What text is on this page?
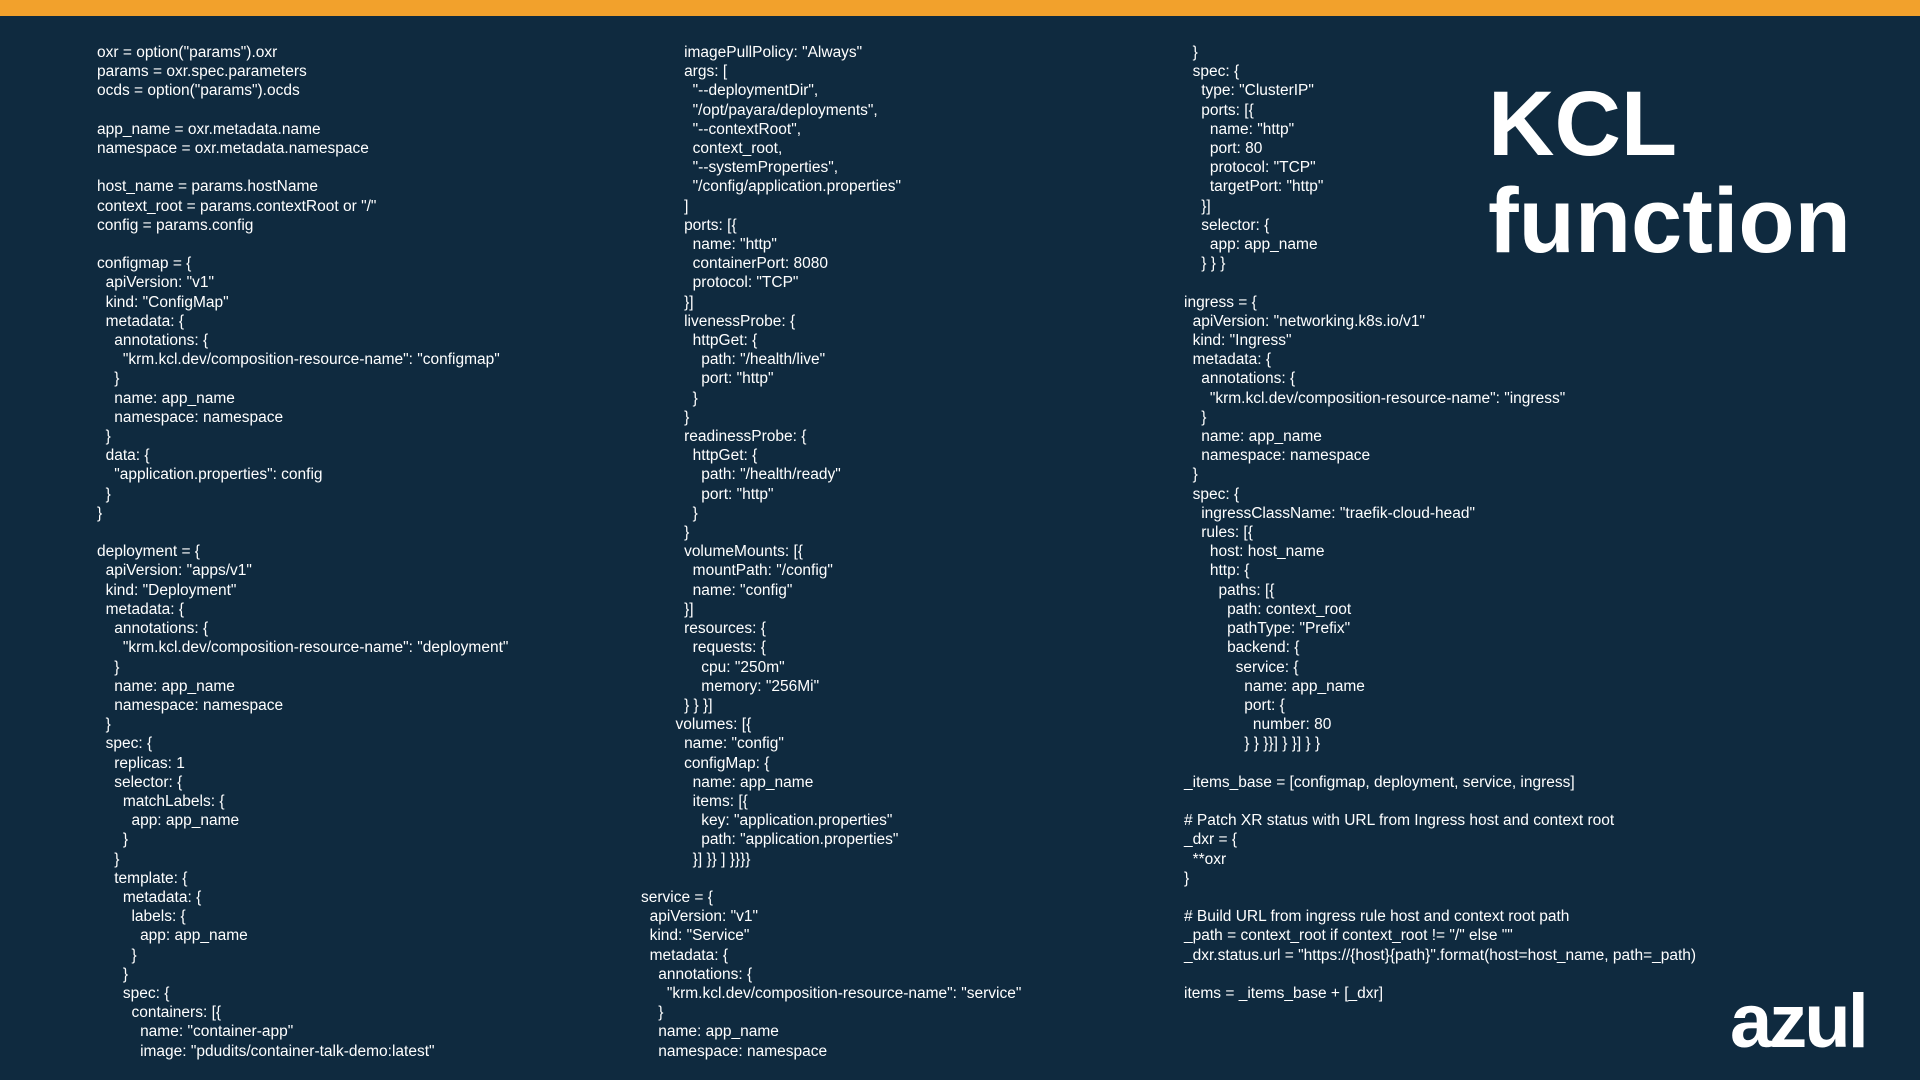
oxr = option("params").oxr
params = oxr.spec.parameters
ocds = option("params").ocds

app_name = oxr.metadata.name
namespace = oxr.metadata.namespace

host_name = params.hostName
context_root = params.contextRoot or "/"
config = params.config

configmap = {
apiVersion: "v1"
kind: "ConfigMap"
metadata: {
annotations: {
"krm.kcl.dev/composition-resource-name": "configmap"
}
name: app_name
namespace: namespace
}
data: {
"application.properties": config
}
}

deployment = {
apiVersion: "apps/v1"
kind: "Deployment"
metadata: {
annotations: {
"krm.kcl.dev/composition-resource-name": "deployment"
}
name: app_name
namespace: namespace
}
spec: {
replicas: 1
selector: {
matchLabels: {
app: app_name
}
}
template: {
metadata: {
labels: {
app: app_name
}
}
spec: {
containers: [{
name: "container-app"
image: "pdudits/container-talk-demo:latest"
imagePullPolicy: "Always"
args: [
"--deploymentDir",
"/opt/payara/deployments",
"--contextRoot",
context_root,
"--systemProperties",
"/config/application.properties"
]
ports: [{
name: "http"
containerPort: 8080
protocol: "TCP"
}]
livenessProbe: {
httpGet: {
path: "/health/live"
port: "http"
}
}
readinessProbe: {
httpGet: {
path: "/health/ready"
port: "http"
}
}
volumeMounts: [{
mountPath: "/config"
name: "config"
}]
resources: {
requests: {
cpu: "250m"
memory: "256Mi"
} } }]
volumes: [{
name: "config"
configMap: {
name: app_name
items: [{
key: "application.properties"
path: "application.properties"
}] }} ] }}}}

service = {
apiVersion: "v1"
kind: "Service"
metadata: {
annotations: {
"krm.kcl.dev/composition-resource-name": "service"
}
name: app_name
namespace: namespace
}
spec: {
type: "ClusterIP"
ports: [{
name: "http"
port: 80
protocol: "TCP"
targetPort: "http"
}]
selector: {
app: app_name
} } }

ingress = {
apiVersion: "networking.k8s.io/v1"
kind: "Ingress"
metadata: {
annotations: {
"krm.kcl.dev/composition-resource-name": "ingress"
}
name: app_name
namespace: namespace
}
spec: {
ingressClassName: "traefik-cloud-head"
rules: [{
host: host_name
http: {
paths: [{
path: context_root
pathType: "Prefix"
backend: {
service: {
name: app_name
port: {
number: 80
} } }}] } }] } }

_items_base = [configmap, deployment, service, ingress]

# Patch XR status with URL from Ingress host and context root
_dxr = {
**oxr
}

# Build URL from ingress rule host and context root path
_path = context_root if context_root != "/" else ""
_dxr.status.url = "https://{host}{path}".format(host=host_name, path=_path)

items = _items_base + [_dxr]
KCL
function
azul
